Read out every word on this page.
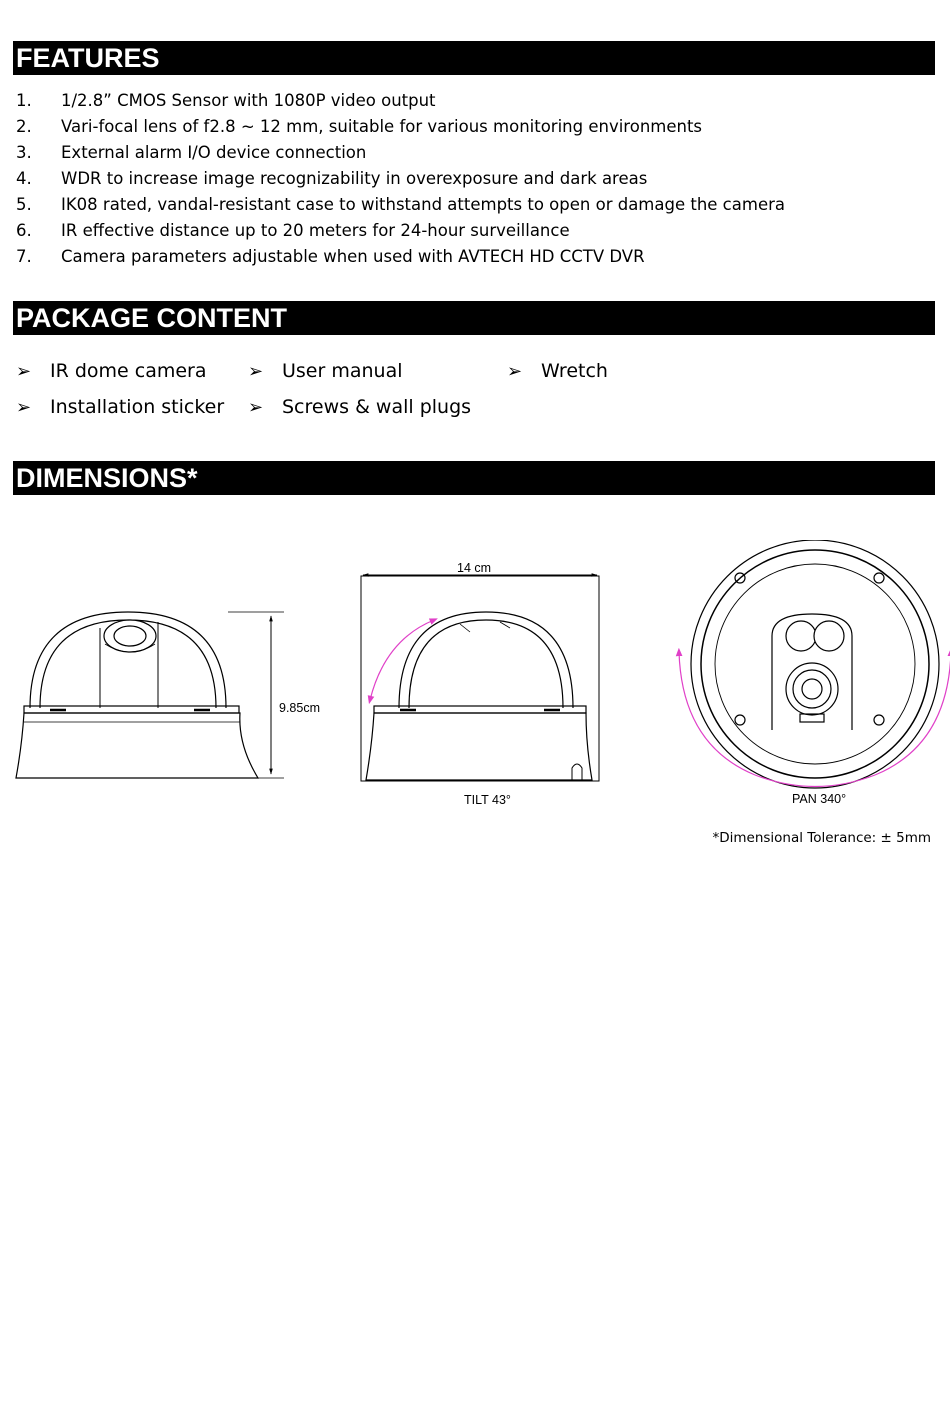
FEATURES
1.	1/2.8” CMOS Sensor with 1080P video output
2.	Vari-focal lens of f2.8 ~ 12 mm, suitable for various monitoring environments
3.	External alarm I/O device connection
4.	WDR to increase image recognizability in overexposure and dark areas
5.	IK08 rated, vandal-resistant case to withstand attempts to open or damage the camera
6.	IR effective distance up to 20 meters for 24-hour surveillance
7.	Camera parameters adjustable when used with AVTECH HD CCTV DVR
PACKAGE CONTENT
➢ IR dome camera ➢ User manual	➢ Wretch
➢ Installation sticker ➢ Screws & wall plugs
DIMENSIONS*
9.85cm
14 cm
TILT 43°	PAN 340°
*Dimensional Tolerance: ± 5mm
